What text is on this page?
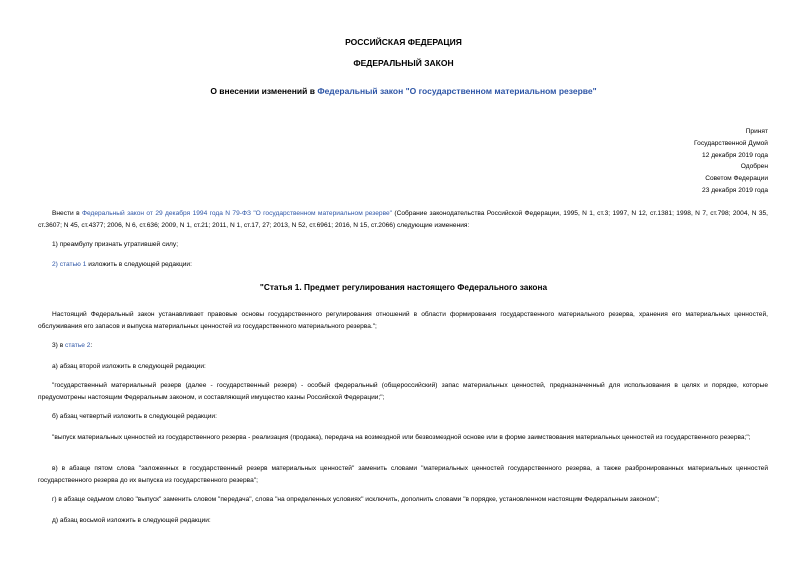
РОССИЙСКАЯ ФЕДЕРАЦИЯ
ФЕДЕРАЛЬНЫЙ ЗАКОН
О внесении изменений в Федеральный закон "О государственном материальном резерве"
Принят
Государственной Думой
12 декабря 2019 года
Одобрен
Советом Федерации
23 декабря 2019 года
Внести в Федеральный закон от 29 декабря 1994 года N 79-ФЗ "О государственном материальном резерве" (Собрание законодательства Российской Федерации, 1995, N 1, ст.3; 1997, N 12, ст.1381; 1998, N 7, ст.798; 2004, N 35, ст.3607; N 45, ст.4377; 2006, N 6, ст.636; 2009, N 1, ст.21; 2011, N 1, ст.17, 27; 2013, N 52, ст.6961; 2016, N 15, ст.2066) следующие изменения:
1) преамбулу признать утратившей силу;
2) статью 1 изложить в следующей редакции:
"Статья 1. Предмет регулирования настоящего Федерального закона
Настоящий Федеральный закон устанавливает правовые основы государственного регулирования отношений в области формирования государственного материального резерва, хранения его материальных ценностей, обслуживания его запасов и выпуска материальных ценностей из государственного материального резерва.";
3) в статье 2:
а) абзац второй изложить в следующей редакции:
"государственный материальный резерв (далее - государственный резерв) - особый федеральный (общероссийский) запас материальных ценностей, предназначенный для использования в целях и порядке, которые предусмотрены настоящим Федеральным законом, и составляющий имущество казны Российской Федерации;";
б) абзац четвертый изложить в следующей редакции:
"выпуск материальных ценностей из государственного резерва - реализация (продажа), передача на возмездной или безвозмездной основе или в форме заимствования материальных ценностей из государственного резерва;";
в) в абзаце пятом слова "заложенных в государственный резерв материальных ценностей" заменить словами "материальных ценностей государственного резерва, а также разбронированных материальных ценностей государственного резерва до их выпуска из государственного резерва";
г) в абзаце седьмом слово "выпуск" заменить словом "передача", слова "на определенных условиях" исключить, дополнить словами "в порядке, установленном настоящим Федеральным законом";
д) абзац восьмой изложить в следующей редакции:
